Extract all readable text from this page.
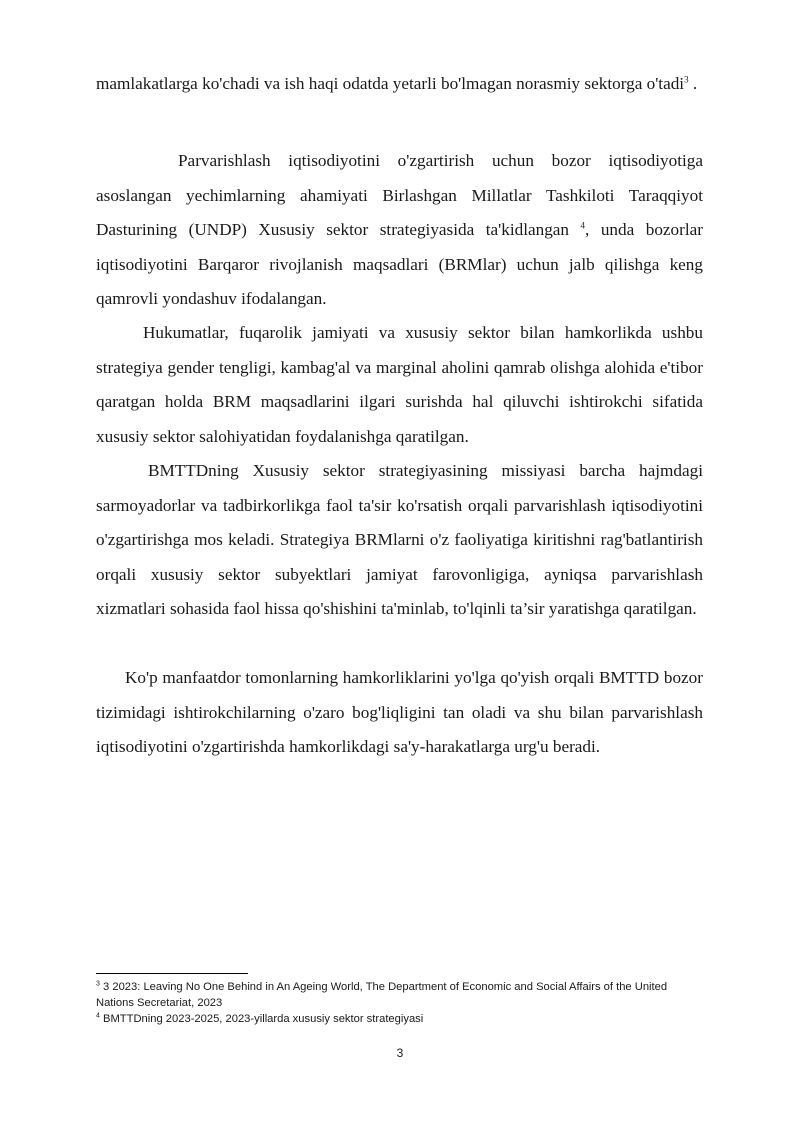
mamlakatlarga ko'chadi va ish haqi odatda yetarli bo'lmagan norasmiy sektorga o'tadi$^3$ .

Parvarishlash iqtisodiyotini o'zgartirish uchun bozor iqtisodiyotiga asoslangan yechimlarning ahamiyati Birlashgan Millatlar Tashkiloti Taraqqiyot Dasturining (UNDP) Xususiy sektor strategiyasida ta'kidlangan $^4$, unda bozorlar iqtisodiyotini Barqaror rivojlanish maqsadlari (BRMlar) uchun jalb qilishga keng qamrovli yondashuv ifodalangan.

Hukumatlar, fuqarolik jamiyati va xususiy sektor bilan hamkorlikda ushbu strategiya gender tengligi, kambag'al va marginal aholini qamrab olishga alohida e'tibor qaratgan holda BRM maqsadlarini ilgari surishda hal qiluvchi ishtirokchi sifatida xususiy sektor salohiyatidan foydalanishga qaratilgan.

BMTTDning Xususiy sektor strategiyasining missiyasi barcha hajmdagi sarmoyadorlar va tadbirkorlikga faol ta'sir ko'rsatish orqali parvarishlash iqtisodiyotini o'zgartirishga mos keladi. Strategiya BRMlarni o'z faoliyatiga kiritishni rag'batlantirish orqali xususiy sektor subyektlari jamiyat farovonligiga, ayniqsa parvarishlash xizmatlari sohasida faol hissa qo'shishini ta'minlab, to'lqinli ta’sir yaratishga qaratilgan.

Ko'p manfaatdor tomonlarning hamkorliklarini yo'lga qo'yish orqali BMTTD bozor tizimidagi ishtirokchilarning o'zaro bog'liqligini tan oladi va shu bilan parvarishlash iqtisodiyotini o'zgartirishda hamkorlikdagi sa'y-harakatlarga urg'u beradi.

$^3$ 3 2023: Leaving No One Behind in An Ageing World, The Department of Economic and Social Affairs of the United Nations Secretariat, 2023

$^4$ BMTTDning 2023-2025, 2023-yillarda xususiy sektor strategiyasi

3
